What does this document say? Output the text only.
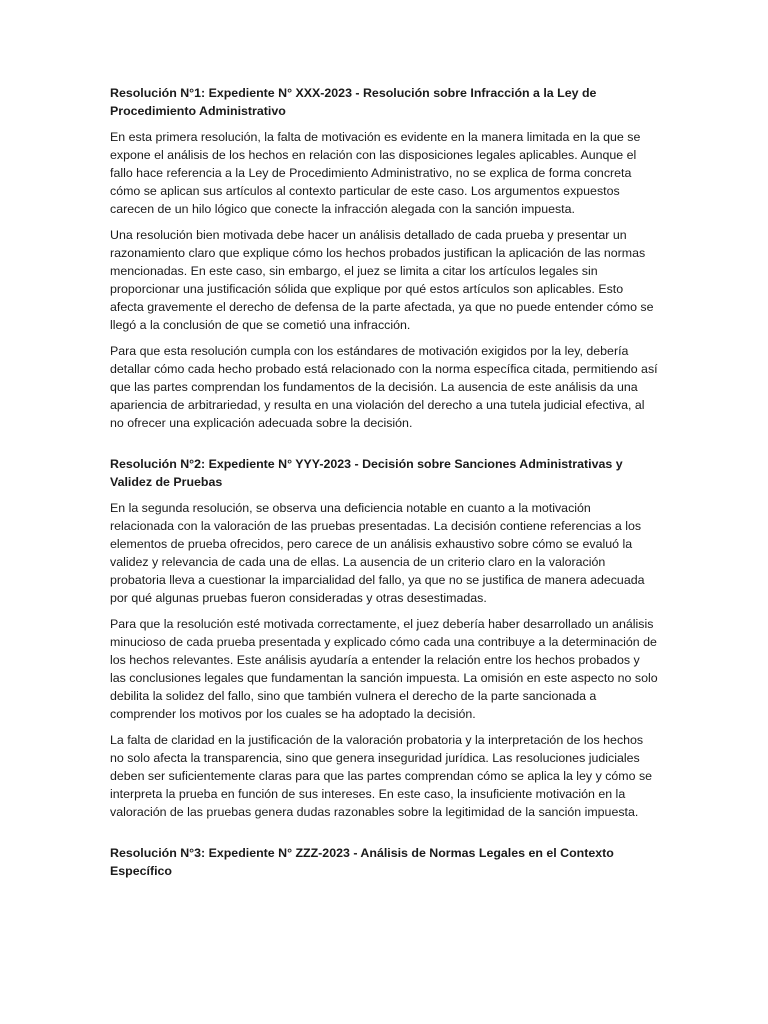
Resolución N°1: Expediente N° XXX-2023 - Resolución sobre Infracción a la Ley de Procedimiento Administrativo

En esta primera resolución, la falta de motivación es evidente en la manera limitada en la que se expone el análisis de los hechos en relación con las disposiciones legales aplicables. Aunque el fallo hace referencia a la Ley de Procedimiento Administrativo, no se explica de forma concreta cómo se aplican sus artículos al contexto particular de este caso. Los argumentos expuestos carecen de un hilo lógico que conecte la infracción alegada con la sanción impuesta.

Una resolución bien motivada debe hacer un análisis detallado de cada prueba y presentar un razonamiento claro que explique cómo los hechos probados justifican la aplicación de las normas mencionadas. En este caso, sin embargo, el juez se limita a citar los artículos legales sin proporcionar una justificación sólida que explique por qué estos artículos son aplicables. Esto afecta gravemente el derecho de defensa de la parte afectada, ya que no puede entender cómo se llegó a la conclusión de que se cometió una infracción.

Para que esta resolución cumpla con los estándares de motivación exigidos por la ley, debería detallar cómo cada hecho probado está relacionado con la norma específica citada, permitiendo así que las partes comprendan los fundamentos de la decisión. La ausencia de este análisis da una apariencia de arbitrariedad, y resulta en una violación del derecho a una tutela judicial efectiva, al no ofrecer una explicación adecuada sobre la decisión.

Resolución N°2: Expediente N° YYY-2023 - Decisión sobre Sanciones Administrativas y Validez de Pruebas

En la segunda resolución, se observa una deficiencia notable en cuanto a la motivación relacionada con la valoración de las pruebas presentadas. La decisión contiene referencias a los elementos de prueba ofrecidos, pero carece de un análisis exhaustivo sobre cómo se evaluó la validez y relevancia de cada una de ellas. La ausencia de un criterio claro en la valoración probatoria lleva a cuestionar la imparcialidad del fallo, ya que no se justifica de manera adecuada por qué algunas pruebas fueron consideradas y otras desestimadas.

Para que la resolución esté motivada correctamente, el juez debería haber desarrollado un análisis minucioso de cada prueba presentada y explicado cómo cada una contribuye a la determinación de los hechos relevantes. Este análisis ayudaría a entender la relación entre los hechos probados y las conclusiones legales que fundamentan la sanción impuesta. La omisión en este aspecto no solo debilita la solidez del fallo, sino que también vulnera el derecho de la parte sancionada a comprender los motivos por los cuales se ha adoptado la decisión.

La falta de claridad en la justificación de la valoración probatoria y la interpretación de los hechos no solo afecta la transparencia, sino que genera inseguridad jurídica. Las resoluciones judiciales deben ser suficientemente claras para que las partes comprendan cómo se aplica la ley y cómo se interpreta la prueba en función de sus intereses. En este caso, la insuficiente motivación en la valoración de las pruebas genera dudas razonables sobre la legitimidad de la sanción impuesta.

Resolución N°3: Expediente N° ZZZ-2023 - Análisis de Normas Legales en el Contexto Específico
